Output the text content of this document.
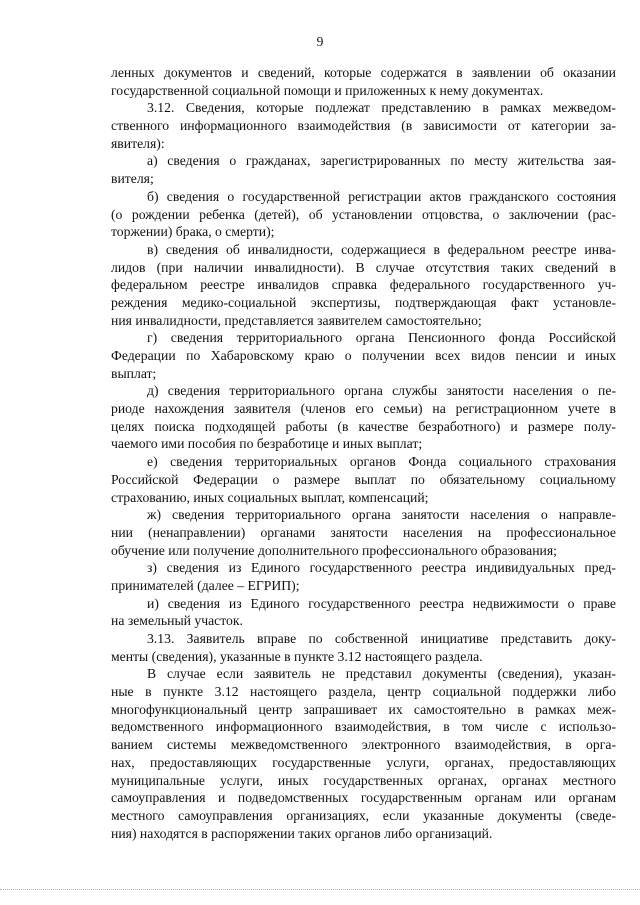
9
ленных документов и сведений, которые содержатся в заявлении об оказании
государственной социальной помощи и приложенных к нему документах.
3.12. Сведения, которые подлежат представлению в рамках межведом-
ственного информационного взаимодействия (в зависимости от категории за-
явителя):
а) сведения о гражданах, зарегистрированных по месту жительства зая-
вителя;
б) сведения о государственной регистрации актов гражданского состояния
(о рождении ребенка (детей), об установлении отцовства, о заключении (рас-
торжении) брака, о смерти);
в) сведения об инвалидности, содержащиеся в федеральном реестре инва-
лидов (при наличии инвалидности). В случае отсутствия таких сведений в
федеральном реестре инвалидов справка федерального государственного уч-
реждения медико-социальной экспертизы, подтверждающая факт установле-
ния инвалидности, представляется заявителем самостоятельно;
г) сведения территориального органа Пенсионного фонда Российской
Федерации по Хабаровскому краю о получении всех видов пенсии и иных
выплат;
д) сведения территориального органа службы занятости населения о пе-
риоде нахождения заявителя (членов его семьи) на регистрационном учете в
целях поиска подходящей работы (в качестве безработного) и размере полу-
чаемого ими пособия по безработице и иных выплат;
е) сведения территориальных органов Фонда социального страхования
Российской Федерации о размере выплат по обязательному социальному
страхованию, иных социальных выплат, компенсаций;
ж) сведения территориального органа занятости населения о направле-
нии (ненаправлении) органами занятости населения на профессиональное
обучение или получение дополнительного профессионального образования;
з) сведения из Единого государственного реестра индивидуальных пред-
принимателей (далее – ЕГРИП);
и) сведения из Единого государственного реестра недвижимости о праве
на земельный участок.
3.13. Заявитель вправе по собственной инициативе представить доку-
менты (сведения), указанные в пункте 3.12 настоящего раздела.
В случае если заявитель не представил документы (сведения), указан-
ные в пункте 3.12 настоящего раздела, центр социальной поддержки либо
многофункциональный центр запрашивает их самостоятельно в рамках меж-
ведомственного информационного взаимодействия, в том числе с использо-
ванием системы межведомственного электронного взаимодействия, в орга-
нах, предоставляющих государственные услуги, органах, предоставляющих
муниципальные услуги, иных государственных органах, органах местного
самоуправления и подведомственных государственным органам или органам
местного самоуправления организациях, если указанные документы (сведе-
ния) находятся в распоряжении таких органов либо организаций.
